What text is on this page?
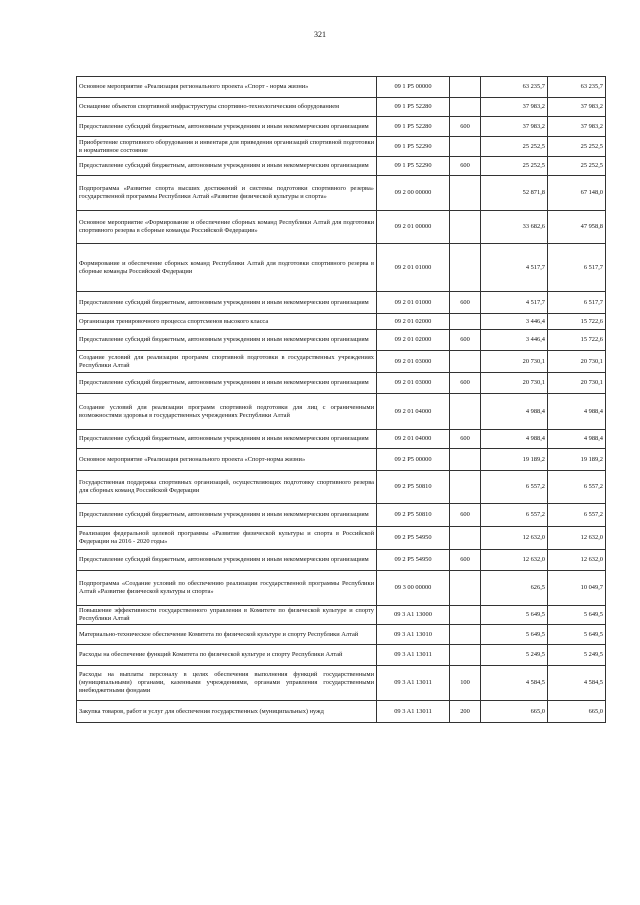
321
Основное мероприятие «Реализация регионального проекта «Спорт - норма жизни»	09 1 P5 00000		63 235,7	63 235,7
Оснащение объектов спортивной инфраструктуры спортивно-технологическим оборудованием	09 1 P5 52280		37 983,2	37 983,2
Предоставление субсидий бюджетным, автономным учреждениям и иным некоммерческим организациям	09 1 P5 52280	600	37 983,2	37 983,2
Приобретение спортивного оборудования и инвентаря для приведения организаций спортивной подготовки в нормативное состояние	09 1 P5 52290		25 252,5	25 252,5
Предоставление субсидий бюджетным, автономным учреждениям и иным некоммерческим организациям	09 1 P5 52290	600	25 252,5	25 252,5
Подпрограмма «Развитие спорта высших достижений и системы подготовки спортивного резерва» государственной программы Республики Алтай «Развитие физической культуры и спорта»	09 2 00 00000		52 871,8	67 148,0
Основное мероприятие «Формирование и обеспечение сборных команд Республики Алтай для подготовки спортивного резерва в сборные команды Российской Федерации»	09 2 01 00000		33 682,6	47 958,8
Формирование и обеспечение сборных команд Республики Алтай для подготовки спортивного резерва в сборные команды Российской Федерации	09 2 01 01000		4 517,7	6 517,7
Предоставление субсидий бюджетным, автономным учреждениям и иным некоммерческим организациям	09 2 01 01000	600	4 517,7	6 517,7
Организация тренировочного процесса спортсменов высокого класса	09 2 01 02000		3 446,4	15 722,6
Предоставление субсидий бюджетным, автономным учреждениям и иным некоммерческим организациям	09 2 01 02000	600	3 446,4	15 722,6
Создание условий для реализации программ спортивной подготовки в государственных учреждениях Республики Алтай	09 2 01 03000		20 730,1	20 730,1
Предоставление субсидий бюджетным, автономным учреждениям и иным некоммерческим организациям	09 2 01 03000	600	20 730,1	20 730,1
Создание условий для реализации программ спортивной подготовки для лиц с ограниченными возможностями здоровья в государственных учреждениях Республики Алтай	09 2 01 04000		4 988,4	4 988,4
Предоставление субсидий бюджетным, автономным учреждениям и иным некоммерческим организациям	09 2 01 04000	600	4 988,4	4 988,4
Основное мероприятие «Реализация регионального проекта «Спорт-норма жизни»	09 2 P5 00000		19 189,2	19 189,2
Государственная поддержка спортивных организаций, осуществляющих подготовку спортивного резерва для сборных команд Российской Федерации	09 2 P5 50810		6 557,2	6 557,2
Предоставление субсидий бюджетным, автономным учреждениям и иным некоммерческим организациям	09 2 P5 50810	600	6 557,2	6 557,2
Реализация федеральной целевой программы «Развитие физической культуры и спорта в Российской Федерации на 2016 - 2020 годы»	09 2 P5 54950		12 632,0	12 632,0
Предоставление субсидий бюджетным, автономным учреждениям и иным некоммерческим организациям	09 2 P5 54950	600	12 632,0	12 632,0
Подпрограмма «Создание условий по обеспечению реализации государственной программы Республики Алтай «Развитие физической культуры и спорта»	09 3 00 00000		626,5	10 049,7
Повышение эффективности государственного управления в Комитете по физической культуре и спорту Республики Алтай	09 3 A1 13000		5 649,5	5 649,5
Материально-техническое обеспечение Комитета по физической культуре и спорту Республики Алтай	09 3 A1 13010		5 649,5	5 649,5
Расходы на обеспечение функций Комитета по физической культуре и спорту Республики Алтай	09 3 A1 13011		5 249,5	5 249,5
Расходы на выплаты персоналу в целях обеспечения выполнения функций государственными (муниципальными) органами, казенными учреждениями, органами управления государственными внебюджетными фондами	09 3 A1 13011	100	4 584,5	4 584,5
Закупка товаров, работ и услуг для обеспечения государственных (муниципальных) нужд	09 3 A1 13011	200	665,0	665,0
